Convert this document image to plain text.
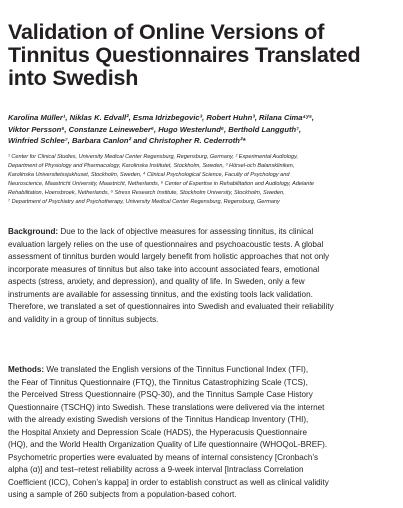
Validation of Online Versions of
Tinnitus Questionnaires Translated
into Swedish
Karolina Müller¹, Niklas K. Edvall², Esma Idrizbegovic³, Robert Huhn³, Rilana Cima⁴ʸ⁵,
Viktor Persson⁶, Constanze Leineweber⁶, Hugo Westerlund⁶, Berthold Langguth⁷,
Winfried Schlee⁷, Barbara Canlon² and Christopher R. Cederroth²*
¹ Center for Clinical Studies, University Medical Center Regensburg, Regensburg, Germany, ² Experimental Audiology,
Department of Physiology and Pharmacology, Karolinska Institutet, Stockholm, Sweden, ³ Hörsel-och Balanskliniken,
Karolinska Universitetssjukhuset, Stockholm, Sweden, ⁴ Clinical Psychological Science, Faculty of Psychology and
Neuroscience, Maastricht University, Maastricht, Netherlands, ⁵ Center of Expertise in Rehabilitation and Audiology, Adelante
Rehabilitation, Hoensbroek, Netherlands, ⁶ Stress Research Institute, Stockholm University, Stockholm, Sweden,
⁷ Department of Psychiatry and Psychotherapy, University Medical Center Regensburg, Regensburg, Germany
Background: Due to the lack of objective measures for assessing tinnitus, its clinical
evaluation largely relies on the use of questionnaires and psychoacoustic tests. A global
assessment of tinnitus burden would largely benefit from holistic approaches that not only
incorporate measures of tinnitus but also take into account associated fears, emotional
aspects (stress, anxiety, and depression), and quality of life. In Sweden, only a few
instruments are available for assessing tinnitus, and the existing tools lack validation.
Therefore, we translated a set of questionnaires into Swedish and evaluated their reliability
and validity in a group of tinnitus subjects.
Methods: We translated the English versions of the Tinnitus Functional Index (TFI),
the Fear of Tinnitus Questionnaire (FTQ), the Tinnitus Catastrophizing Scale (TCS),
the Perceived Stress Questionnaire (PSQ-30), and the Tinnitus Sample Case History
Questionnaire (TSCHQ) into Swedish. These translations were delivered via the internet
with the already existing Swedish versions of the Tinnitus Handicap Inventory (THI),
the Hospital Anxiety and Depression Scale (HADS), the Hyperacusis Questionnaire
(HQ), and the World Health Organization Quality of Life questionnaire (WHOQoL-BREF).
Psychometric properties were evaluated by means of internal consistency [Cronbach’s
alpha (α)] and test–retest reliability across a 9-week interval [Intraclass Correlation
Coefficient (ICC), Cohen’s kappa] in order to establish construct as well as clinical validity
using a sample of 260 subjects from a population-based cohort.
